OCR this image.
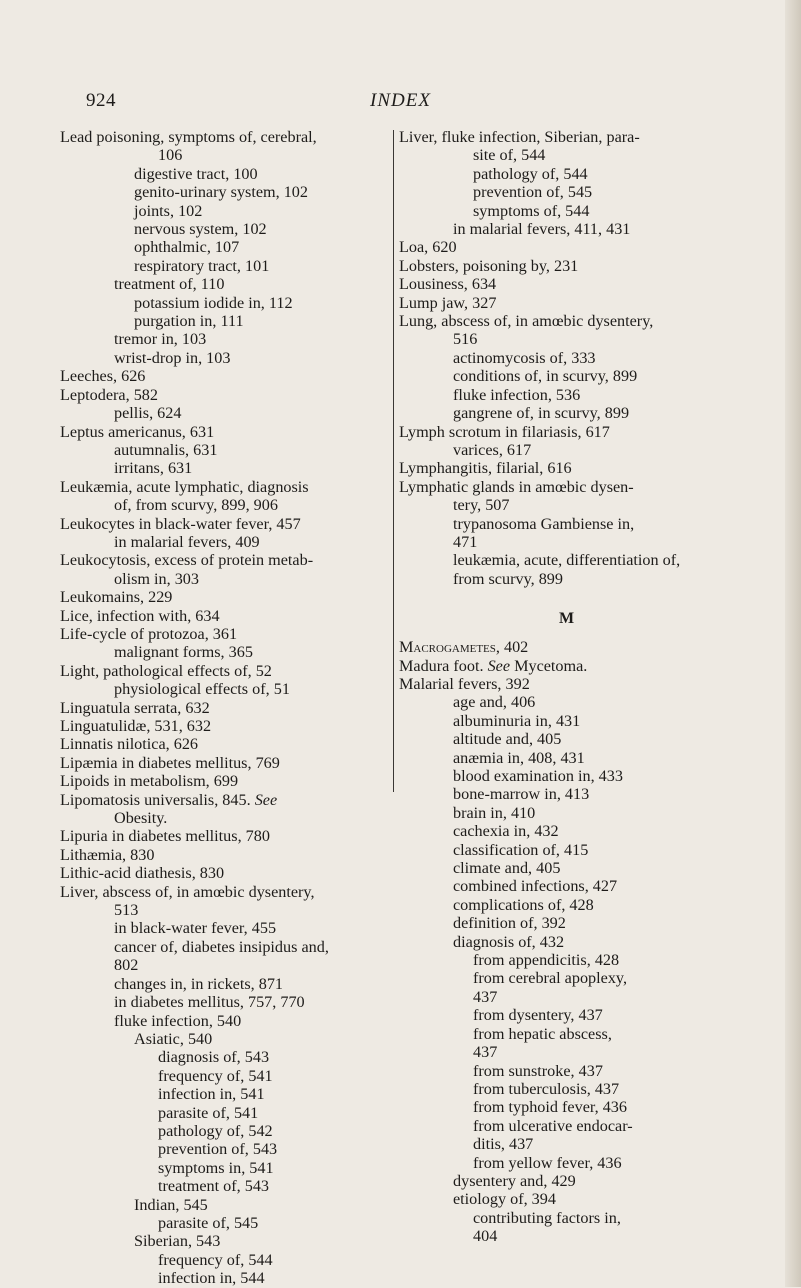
924	INDEX
Lead poisoning, symptoms of, cerebral,
106
digestive tract, 100
genito-urinary system, 102
joints, 102
nervous system, 102
ophthalmic, 107
respiratory tract, 101
treatment of, 110
potassium iodide in, 112
purgation in, 111
tremor in, 103
wrist-drop in, 103
Leeches, 626
Leptodera, 582
pellis, 624
Leptus americanus, 631
autumnalis, 631
irritans, 631
Leukæmia, acute lymphatic, diagnosis
of, from scurvy, 899, 906
Leukocytes in black-water fever, 457
in malarial fevers, 409
Leukocytosis, excess of protein metab-
olism in, 303
Leukomains, 229
Lice, infection with, 634
Life-cycle of protozoa, 361
malignant forms, 365
Light, pathological effects of, 52
physiological effects of, 51
Linguatula serrata, 632
Linguatulidæ, 531, 632
Linnatis nilotica, 626
Lipæmia in diabetes mellitus, 769
Lipoids in metabolism, 699
Lipomatosis universalis, 845. See
Obesity.
Lipuria in diabetes mellitus, 780
Lithæmia, 830
Lithic-acid diathesis, 830
Liver, abscess of, in amœbic dysentery,
513
in black-water fever, 455
cancer of, diabetes insipidus and,
802
changes in, in rickets, 871
in diabetes mellitus, 757, 770
fluke infection, 540
Asiatic, 540
diagnosis of, 543
frequency of, 541
infection in, 541
parasite of, 541
pathology of, 542
prevention of, 543
symptoms in, 541
treatment of, 543
Indian, 545
parasite of, 545
Siberian, 543
frequency of, 544
infection in, 544
Liver, fluke infection, Siberian, para-
site of, 544
pathology of, 544
prevention of, 545
symptoms of, 544
in malarial fevers, 411, 431
Loa, 620
Lobsters, poisoning by, 231
Lousiness, 634
Lump jaw, 327
Lung, abscess of, in amœbic dysentery,
516
actinomycosis of, 333
conditions of, in scurvy, 899
fluke infection, 536
gangrene of, in scurvy, 899
Lymph scrotum in filariasis, 617
varices, 617
Lymphangitis, filarial, 616
Lymphatic glands in amœbic dysen-
tery, 507
trypanosoma Gambiense in,
471
leukæmia, acute, differentiation of,
from scurvy, 899
M
Macrogametes, 402
Madura foot. See Mycetoma.
Malarial fevers, 392
age and, 406
albuminuria in, 431
altitude and, 405
anæmia in, 408, 431
blood examination in, 433
bone-marrow in, 413
brain in, 410
cachexia in, 432
classification of, 415
climate and, 405
combined infections, 427
complications of, 428
definition of, 392
diagnosis of, 432
from appendicitis, 428
from cerebral apoplexy,
437
from dysentery, 437
from hepatic abscess,
437
from sunstroke, 437
from tuberculosis, 437
from typhoid fever, 436
from ulcerative endocar-
ditis, 437
from yellow fever, 436
dysentery and, 429
etiology of, 394
contributing factors in,
404
